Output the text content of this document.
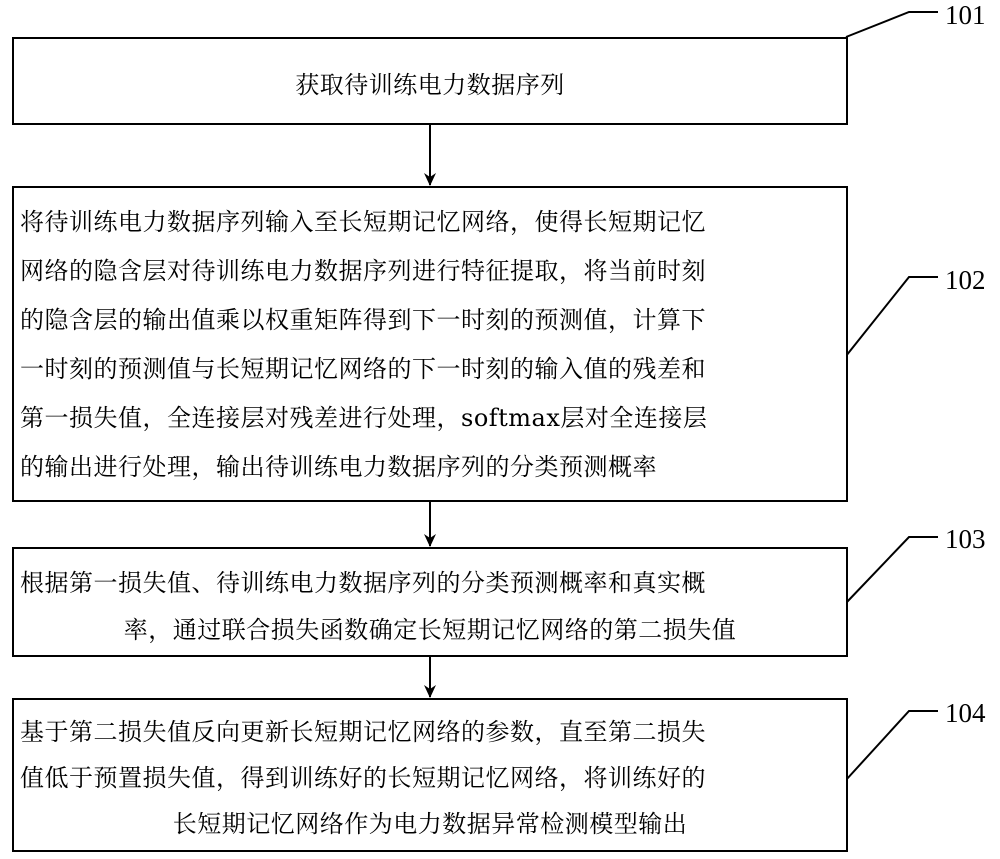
获取待训练电力数据序列
101
将待训练电力数据序列输入至长短期记忆网络，使得长短期记忆
网络的隐含层对待训练电力数据序列进行特征提取，将当前时刻
的隐含层的输出值乘以权重矩阵得到下一时刻的预测值，计算下
一时刻的预测值与长短期记忆网络的下一时刻的输入值的残差和
第一损失值，全连接层对残差进行处理，softmax层对全连接层
的输出进行处理，输出待训练电力数据序列的分类预测概率
102
根据第一损失值、待训练电力数据序列的分类预测概率和真实概
率，通过联合损失函数确定长短期记忆网络的第二损失值
103
基于第二损失值反向更新长短期记忆网络的参数，直至第二损失
值低于预置损失值，得到训练好的长短期记忆网络，将训练好的
长短期记忆网络作为电力数据异常检测模型输出
104
